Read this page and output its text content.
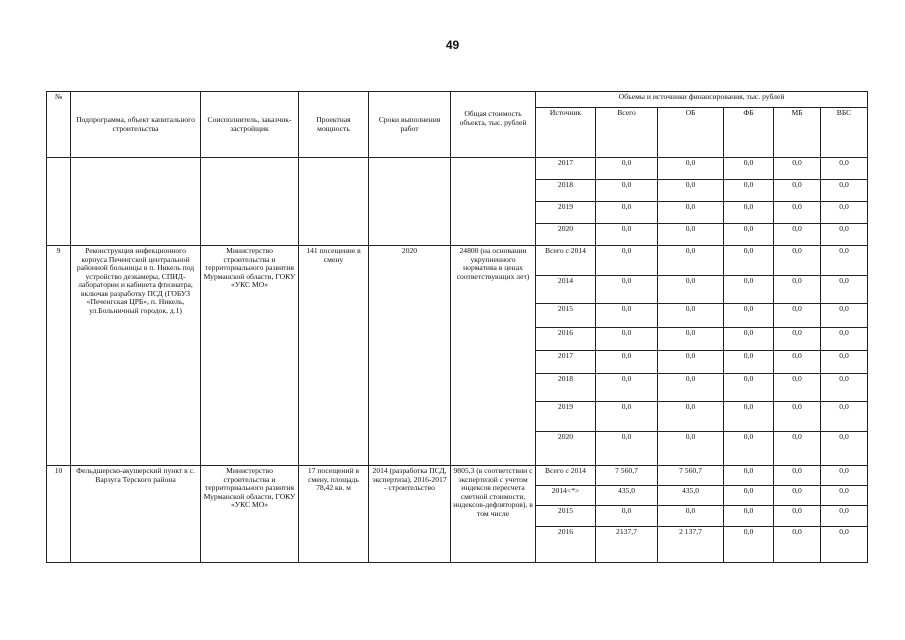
49
№	Подпрограмма, объект капитального строительства	Соисполнитель, заказчик-застройщик	Проектная мощность	Сроки выполнения работ	Общая стоимость объекта, тыс. рублей	Объемы и источники финансирования, тыс. рублей					
						Источник	Всего	ОБ	ФБ	МБ	ВБС
						2017	0,0	0,0	0,0	0,0	0,0
						2018	0,0	0,0	0,0	0,0	0,0
						2019	0,0	0,0	0,0	0,0	0,0
						2020	0,0	0,0	0,0	0,0	0,0
9	Реконструкция инфекционного корпуса Печенгской центральной районной больницы в п. Никель под устройство дезкамеры, СПИД-лаборатории и кабинета фтизиатра, включая разработку ПСД (ГОБУЗ «Печенгская ЦРБ», п. Никель, ул.Больничный городок, д.1)	Министерство строительства и территориального развития Мурманской области, ГОКУ «УКС МО»	141 посещение в смену	2020	24800 (на основании укрупненного норматива в ценах соответствующих лет)	Всего с 2014	0,0	0,0	0,0	0,0	0,0
						2014	0,0	0,0	0,0	0,0	0,0
						2015	0,0	0,0	0,0	0,0	0,0
						2016	0,0	0,0	0,0	0,0	0,0
						2017	0,0	0,0	0,0	0,0	0,0
						2018	0,0	0,0	0,0	0,0	0,0
						2019	0,0	0,0	0,0	0,0	0,0
						2020	0,0	0,0	0,0	0,0	0,0
10	Фельдшерско-акушерский пункт в с. Варзуга Терского района	Министерство строительства и территориального развития Мурманской области, ГОКУ «УКС МО»	17 посещений в смену, площадь 78,42 кв. м	2014 (разработка ПСД, экспертиза), 2016-2017 - строительство	9805,3 (в соответствии с экспертизой с учетом индексов пересчета сметной стоимости, индексов-дефляторов), в том числе	Всего с 2014	7 560,7	7 560,7	0,0	0,0	0,0
						2014<*>	435,0	435,0	0,0	0,0	0,0
						2015	0,0	0,0	0,0	0,0	0,0
						2016	2137,7	2 137,7	0,0	0,0	0,0
